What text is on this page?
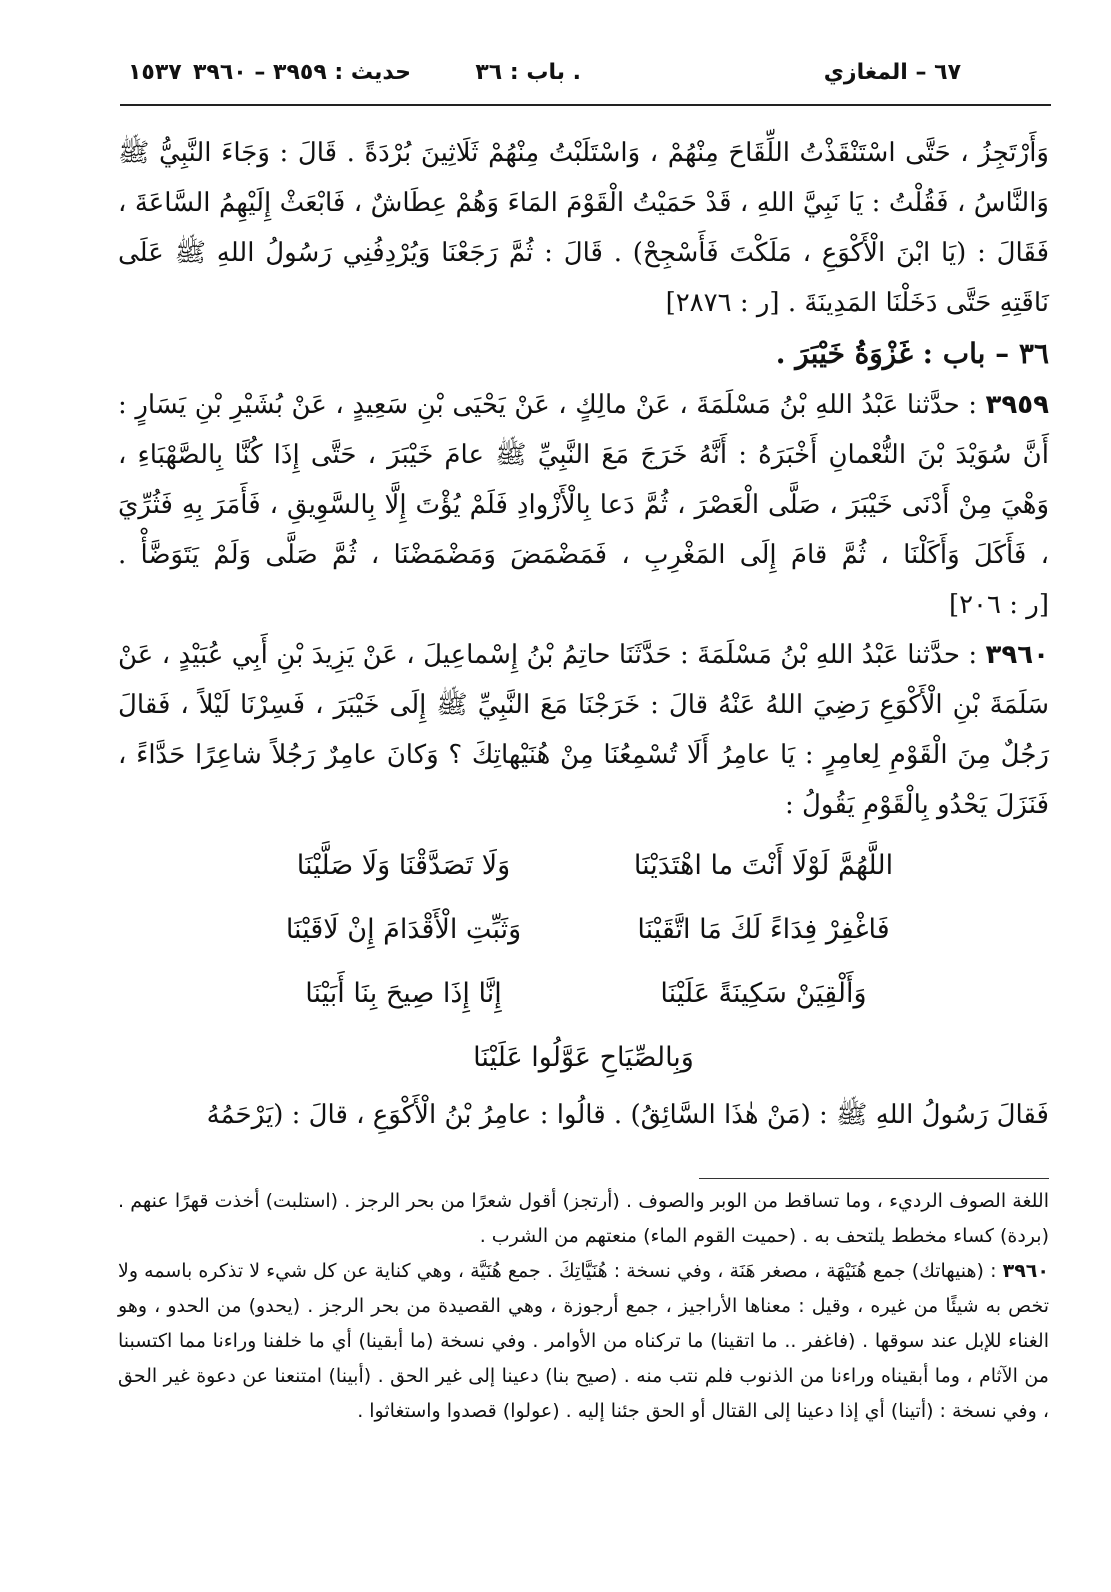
٦٧ – المغازي
. باب : ٣٦
حديث : ٣٩٥٩ – ٣٩٦٠
١٥٣٧

وَأَرْتَجِزُ ، حَتَّى اسْتَنْقَذْتُ اللِّقَاحَ مِنْهُمْ ، وَاسْتَلَبْتُ مِنْهُمْ ثَلَاثِينَ بُرْدَةً . قَالَ : وَجَاءَ النَّبِيُّ ﷺ وَالنَّاسُ ، فَقُلْتُ : يَا نَبِيَّ اللهِ ، قَدْ حَمَيْتُ الْقَوْمَ المَاءَ وَهُمْ عِطَاشٌ ، فَابْعَثْ إِلَيْهِمُ السَّاعَةَ ، فَقَالَ : (يَا ابْنَ الْأَكْوَعِ ، مَلَكْتَ فَأَسْجِحْ) . قَالَ : ثُمَّ رَجَعْنَا وَيُرْدِفُنِي رَسُولُ اللهِ ﷺ عَلَى نَاقَتِهِ حَتَّى دَخَلْنَا المَدِينَةَ . [ر : ٢٨٧٦]

٣٦ – باب : غَزْوَةُ خَيْبَرَ .

٣٩٥٩ : حدَّثنا عَبْدُ اللهِ بْنُ مَسْلَمَةَ ، عَنْ مالِكٍ ، عَنْ يَحْيَى بْنِ سَعِيدٍ ، عَنْ بُشَيْرِ بْنِ يَسَارٍ : أَنَّ سُوَيْدَ بْنَ النُّعْمانِ أَخْبَرَهُ : أَنَّهُ خَرَجَ مَعَ النَّبِيِّ ﷺ عامَ خَيْبَرَ ، حَتَّى إِذَا كُنَّا بِالصَّهْبَاءِ ، وَهْيَ مِنْ أَدْنَى خَيْبَرَ ، صَلَّى الْعَصْرَ ، ثُمَّ دَعا بِالْأَزْوادِ فَلَمْ يُؤْتَ إِلَّا بِالسَّوِيقِ ، فَأَمَرَ بِهِ فَثُرِّيَ ، فَأَكَلَ وَأَكَلْنَا ، ثُمَّ قامَ إِلَى المَغْرِبِ ، فَمَضْمَضَ وَمَضْمَضْنَا ، ثُمَّ صَلَّى وَلَمْ يَتَوَضَّأْ . [ر : ٢٠٦]

٣٩٦٠ : حدَّثنا عَبْدُ اللهِ بْنُ مَسْلَمَةَ : حَدَّثَنَا حاتِمُ بْنُ إِسْماعِيلَ ، عَنْ يَزِيدَ بْنِ أَبِي عُبَيْدٍ ، عَنْ سَلَمَةَ بْنِ الْأَكْوَعِ رَضِيَ اللهُ عَنْهُ قالَ : خَرَجْنَا مَعَ النَّبِيِّ ﷺ إِلَى خَيْبَرَ ، فَسِرْنَا لَيْلاً ، فَقالَ رَجُلٌ مِنَ الْقَوْمِ لِعامِرٍ : يَا عامِرُ أَلَا تُسْمِعُنَا مِنْ هُنَيْهاتِكَ ؟ وَكانَ عامِرٌ رَجُلاً شاعِرًا حَدَّاءً ، فَنَزَلَ يَحْدُو بِالْقَوْمِ يَقُولُ :

اللَّهُمَّ لَوْلَا أَنْتَ ما اهْتَدَيْنَا
وَلَا تَصَدَّقْنَا وَلَا صَلَّيْنَا
فَاغْفِرْ فِدَاءً لَكَ مَا اتَّقَيْنَا
وَثَبِّتِ الْأَقْدَامَ إِنْ لَاقَيْنَا
وَأَلْقِيَنْ سَكِينَةً عَلَيْنَا
إِنَّا إِذَا صِيحَ بِنَا أَبَيْنَا
وَبِالصِّيَاحِ عَوَّلُوا عَلَيْنَا

فَقالَ رَسُولُ اللهِ ﷺ : (مَنْ هٰذَا السَّائِقُ) . قالُوا : عامِرُ بْنُ الْأَكْوَعِ ، قالَ : (يَرْحَمُهُ

اللغة الصوف الرديء ، وما تساقط من الوبر والصوف . (أرتجز) أقول شعرًا من بحر الرجز . (استلبت) أخذت قهرًا عنهم . (بردة) كساء مخطط يلتحف به . (حميت القوم الماء) منعتهم من الشرب .

٣٩٦٠ : (هنيهاتك) جمع هُنَيْهَة ، مصغر هَنَة ، وفي نسخة : هُنَيَّاتِكَ . جمع هُنَيَّة ، وهي كناية عن كل شيء لا تذكره باسمه ولا تخص به شيئًا من غيره ، وقيل : معناها الأراجيز ، جمع أرجوزة ، وهي القصيدة من بحر الرجز . (يحدو) من الحدو ، وهو الغناء للإبل عند سوقها . (فاغفر .. ما اتقينا) ما تركناه من الأوامر . وفي نسخة (ما أبقينا) أي ما خلفنا وراءنا مما اكتسبنا من الآثام ، وما أبقيناه وراءنا من الذنوب فلم نتب منه . (صيح بنا) دعينا إلى غير الحق . (أبينا) امتنعنا عن دعوة غير الحق ، وفي نسخة : (أتينا) أي إذا دعينا إلى القتال أو الحق جئنا إليه . (عولوا) قصدوا واستغاثوا .
